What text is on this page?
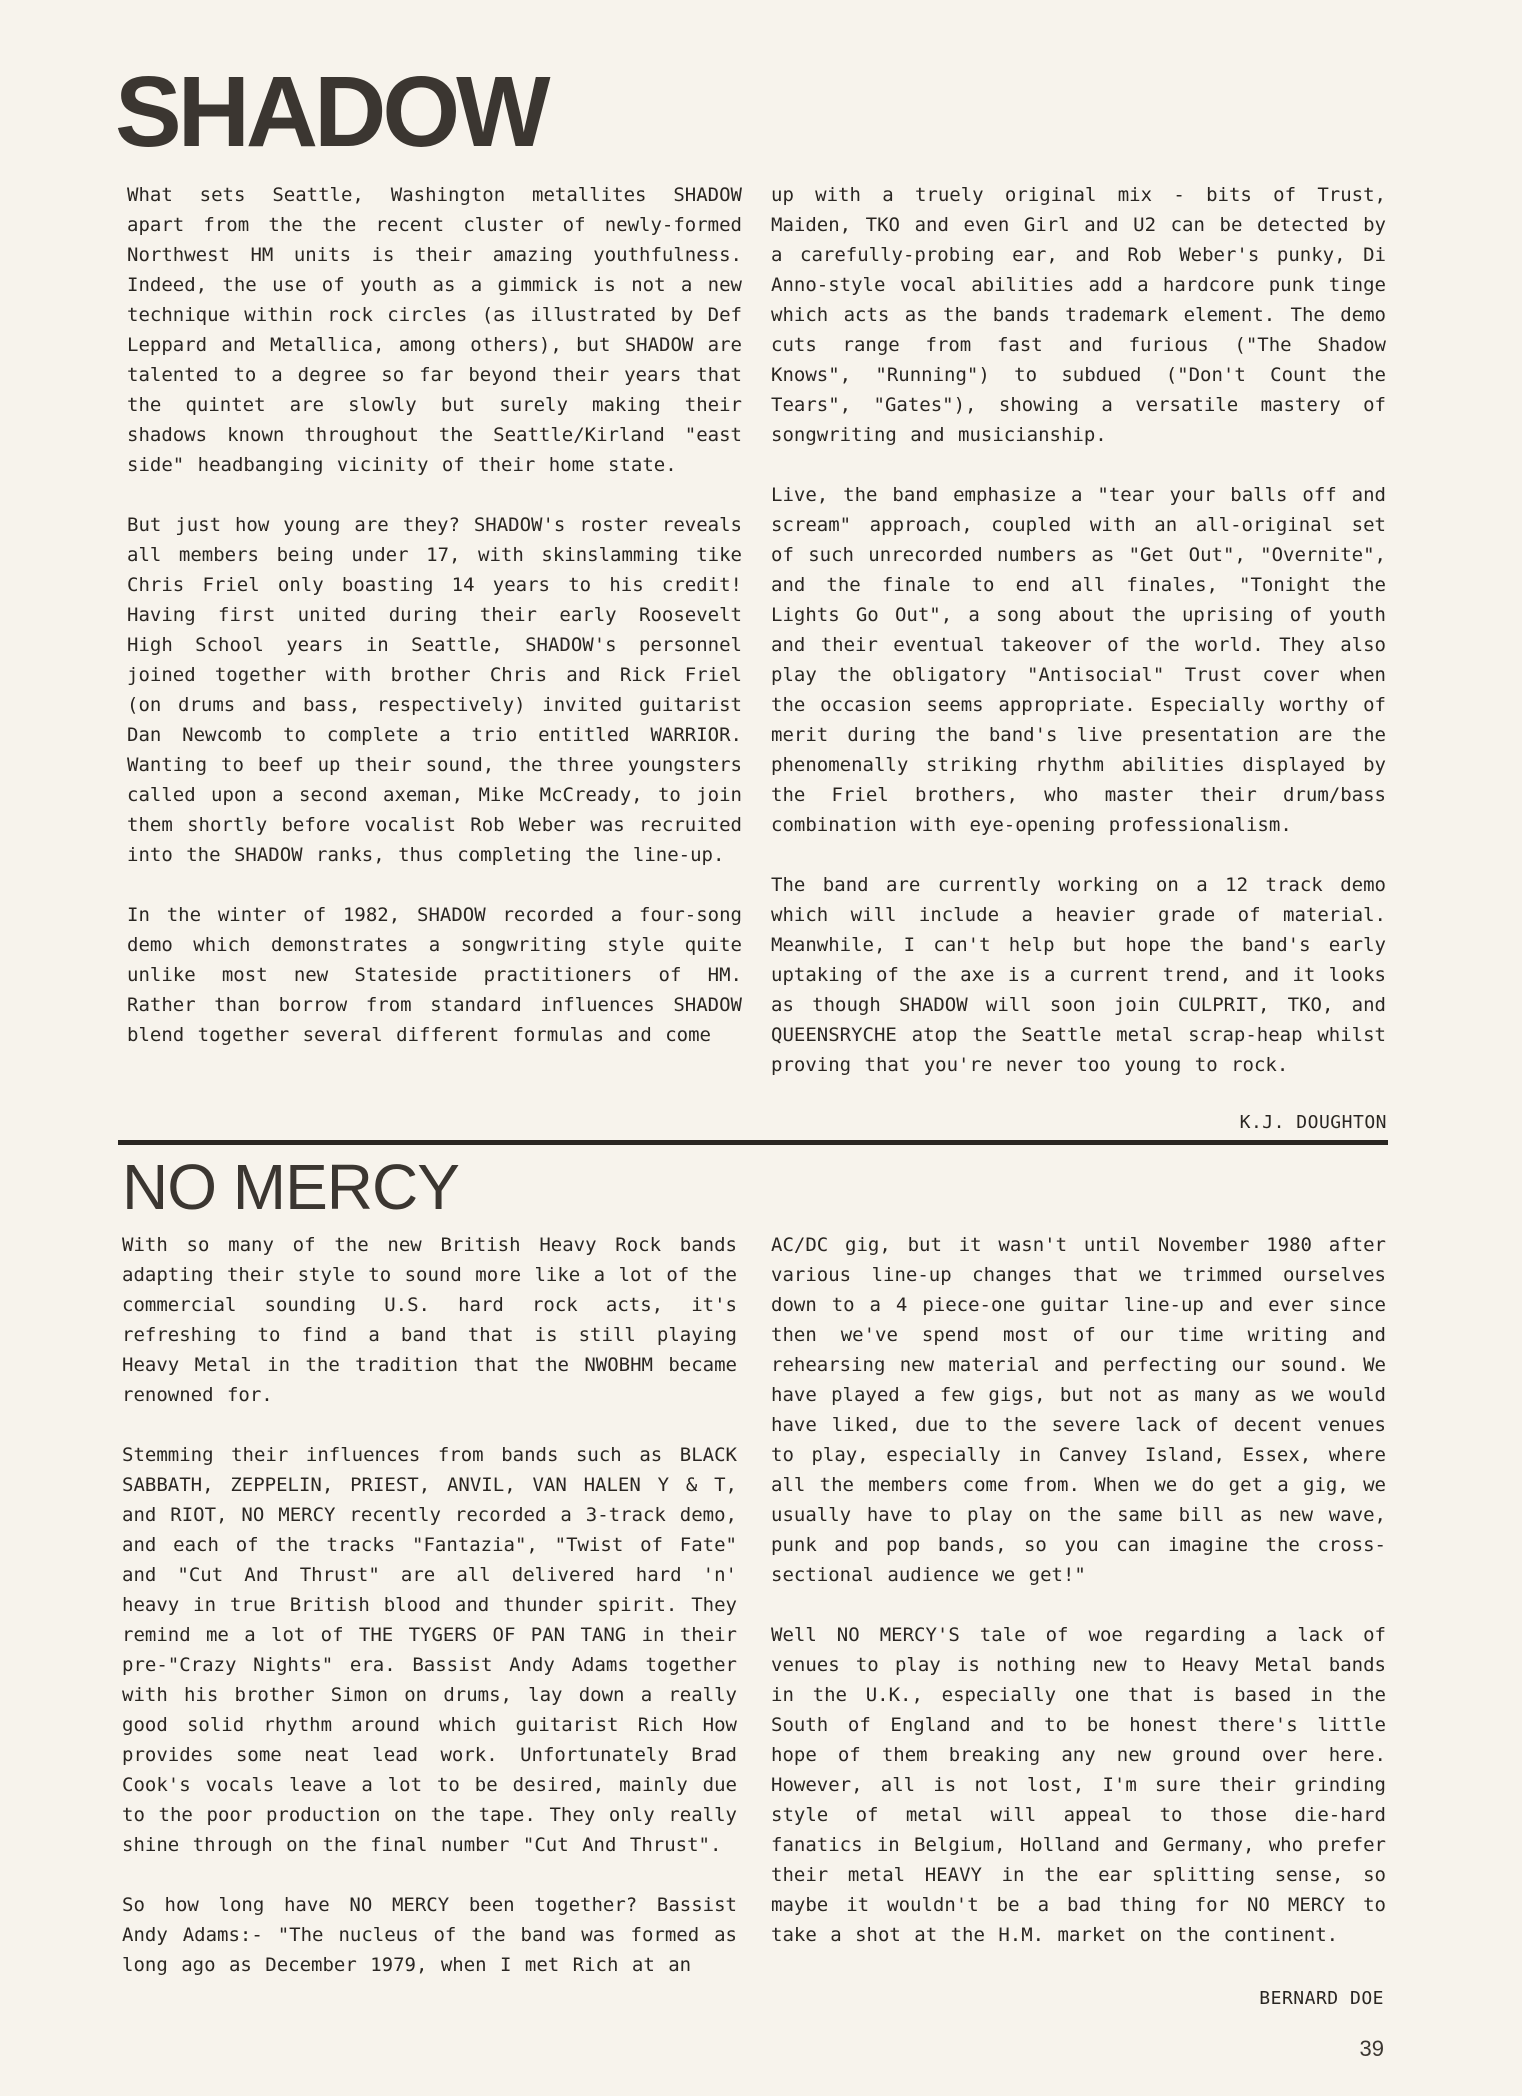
SHADOW

What sets Seattle, Washington metallites SHADOW apart from the the recent cluster of newly-formed Northwest HM units is their amazing youthfulness. Indeed, the use of youth as a gimmick is not a new technique within rock circles (as illustrated by Def Leppard and Metallica, among others), but SHADOW are talented to a degree so far beyond their years that the quintet are slowly but surely making their shadows known throughout the Seattle/Kirland "east side" headbanging vicinity of their home state.

But just how young are they? SHADOW's roster reveals all members being under 17, with skinslamming tike Chris Friel only boasting 14 years to his credit! Having first united during their early Roosevelt High School years in Seattle, SHADOW's personnel joined together with brother Chris and Rick Friel (on drums and bass, respectively) invited guitarist Dan Newcomb to complete a trio entitled WARRIOR. Wanting to beef up their sound, the three youngsters called upon a second axeman, Mike McCready, to join them shortly before vocalist Rob Weber was recruited into the SHADOW ranks, thus completing the line-up.

In the winter of 1982, SHADOW recorded a four-song demo which demonstrates a songwriting style quite unlike most new Stateside practitioners of HM. Rather than borrow from standard influences SHADOW blend together several different formulas and come

up with a truely original mix - bits of Trust, Maiden, TKO and even Girl and U2 can be detected by a carefully-probing ear, and Rob Weber's punky, Di Anno-style vocal abilities add a hardcore punk tinge which acts as the bands trademark element. The demo cuts range from fast and furious ("The Shadow Knows", "Running") to subdued ("Don't Count the Tears", "Gates"), showing a versatile mastery of songwriting and musicianship.

Live, the band emphasize a "tear your balls off and scream" approach, coupled with an all-original set of such unrecorded numbers as "Get Out", "Overnite", and the finale to end all finales, "Tonight the Lights Go Out", a song about the uprising of youth and their eventual takeover of the world. They also play the obligatory "Antisocial" Trust cover when the occasion seems appropriate. Especially worthy of merit during the band's live presentation are the phenomenally striking rhythm abilities displayed by the Friel brothers, who master their drum/bass combination with eye-opening professionalism.

The band are currently working on a 12 track demo which will include a heavier grade of material. Meanwhile, I can't help but hope the band's early uptaking of the axe is a current trend, and it looks as though SHADOW will soon join CULPRIT, TKO, and QUEENSRYCHE atop the Seattle metal scrap-heap whilst proving that you're never too young to rock.

K.J. DOUGHTON
NO MERCY

With so many of the new British Heavy Rock bands adapting their style to sound more like a lot of the commercial sounding U.S. hard rock acts, it's refreshing to find a band that is still playing Heavy Metal in the tradition that the NWOBHM became renowned for.

Stemming their influences from bands such as BLACK SABBATH, ZEPPELIN, PRIEST, ANVIL, VAN HALEN Y & T, and RIOT, NO MERCY recently recorded a 3-track demo, and each of the tracks "Fantazia", "Twist of Fate" and "Cut And Thrust" are all delivered hard 'n' heavy in true British blood and thunder spirit. They remind me a lot of THE TYGERS OF PAN TANG in their pre-"Crazy Nights" era. Bassist Andy Adams together with his brother Simon on drums, lay down a really good solid rhythm around which guitarist Rich How provides some neat lead work. Unfortunately Brad Cook's vocals leave a lot to be desired, mainly due to the poor production on the tape. They only really shine through on the final number "Cut And Thrust".

So how long have NO MERCY been together? Bassist Andy Adams:- "The nucleus of the band was formed as long ago as December 1979, when I met Rich at an

AC/DC gig, but it wasn't until November 1980 after various line-up changes that we trimmed ourselves down to a 4 piece-one guitar line-up and ever since then we've spend most of our time writing and rehearsing new material and perfecting our sound. We have played a few gigs, but not as many as we would have liked, due to the severe lack of decent venues to play, especially in Canvey Island, Essex, where all the members come from. When we do get a gig, we usually have to play on the same bill as new wave, punk and pop bands, so you can imagine the cross-sectional audience we get!"

Well NO MERCY'S tale of woe regarding a lack of venues to play is nothing new to Heavy Metal bands in the U.K., especially one that is based in the South of England and to be honest there's little hope of them breaking any new ground over here. However, all is not lost, I'm sure their grinding style of metal will appeal to those die-hard fanatics in Belgium, Holland and Germany, who prefer their metal HEAVY in the ear splitting sense, so maybe it wouldn't be a bad thing for NO MERCY to take a shot at the H.M. market on the continent.

BERNARD DOE
39
